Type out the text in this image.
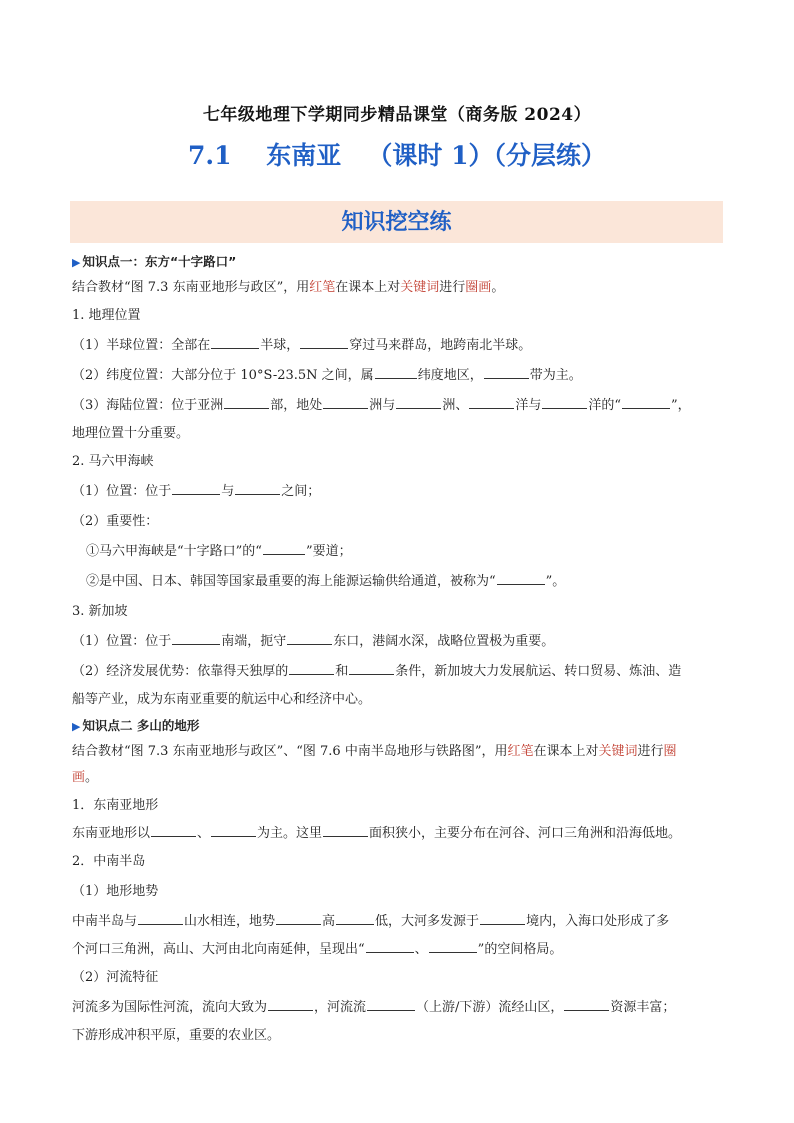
七年级地理下学期同步精品课堂（商务版 2024）
7.1    东南亚   （课时 1）（分层练）
知识挖空练
▶ 知识点一：东方“十字路口”
结合教材“图 7.3 东南亚地形与政区”，用红笔在课本上对关键词进行圈画。
1. 地理位置
（1）半球位置：全部在	半球，	穿过马来群岛，地跨南北半球。
（2）纬度位置：大部分位于 10°S-23.5N 之间，属	纬度地区，	带为主。
（3）海陆位置：位于亚洲	部，地处	洲与	洲、	洋与	洋的“	”，
地理位置十分重要。
2. 马六甲海峡
（1）位置：位于	与	之间；
（2）重要性：
①马六甲海峡是“十字路口”的“	”要道；
②是中国、日本、韩国等国家最重要的海上能源运输供给通道，被称为“	”。
3. 新加坡
（1）位置：位于	南端，扼守	东口，港阔水深，战略位置极为重要。
（2）经济发展优势：依靠得天独厚的	和	条件，新加坡大力发展航运、转口贸易、炼油、造
船等产业，成为东南亚重要的航运中心和经济中心。
▶ 知识点二 多山的地形
结合教材“图 7.3 东南亚地形与政区”、“图 7.6 中南半岛地形与铁路图”，用红笔在课本上对关键词进行圈
画。
1．东南亚地形
东南亚地形以	、	为主。这里	面积狭小，主要分布在河谷、河口三角洲和沿海低地。
2．中南半岛
（1）地形地势
中南半岛与	山水相连，地势	高	低，大河多发源于	境内，入海口处形成了多
个河口三角洲，高山、大河由北向南延伸，呈现出“	、	”的空间格局。
（2）河流特征
河流多为国际性河流，流向大致为	，河流流	（上游/下游）流经山区，	资源丰富；
下游形成冲积平原，重要的农业区。
